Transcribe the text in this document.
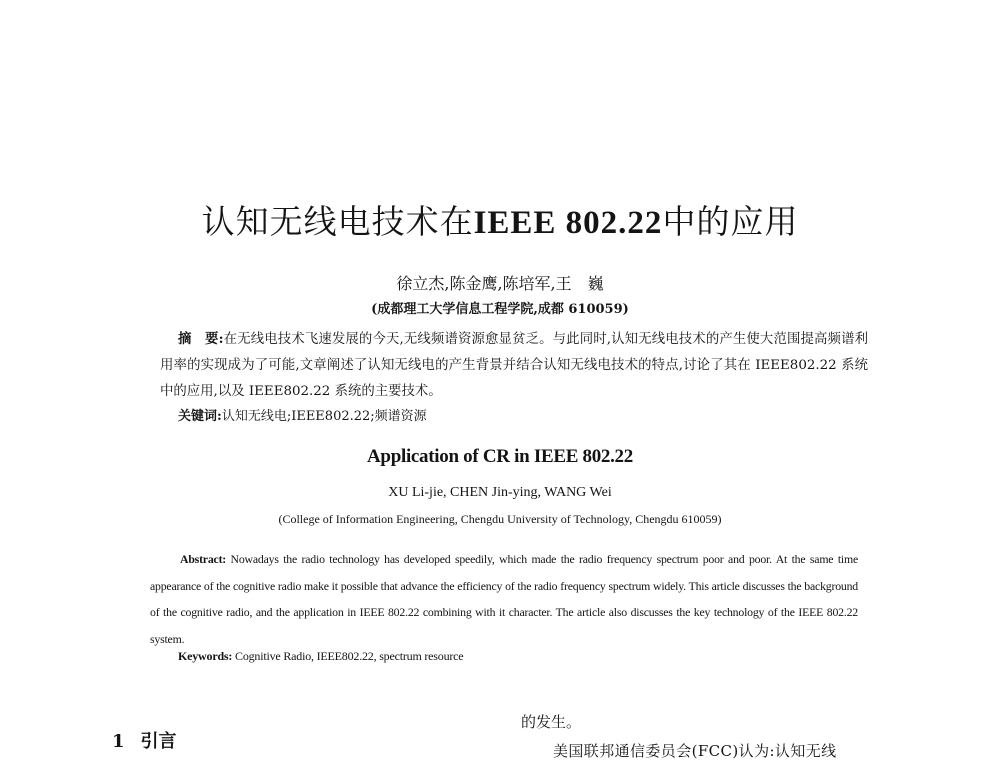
认知无线电技术在IEEE 802.22中的应用
徐立杰,陈金鹰,陈培军,王　巍
(成都理工大学信息工程学院,成都 610059)
摘　要:在无线电技术飞速发展的今天,无线频谱资源愈显贫乏。与此同时,认知无线电技术的产生使大范围提高频谱利用率的实现成为了可能,文章阐述了认知无线电的产生背景并结合认知无线电技术的特点,讨论了其在 IEEE802.22 系统中的应用,以及 IEEE802.22 系统的主要技术。
关键词:认知无线电;IEEE802.22;频谱资源
Application of CR in IEEE 802.22
XU Li-jie, CHEN Jin-ying, WANG Wei
(College of Information Engineering, Chengdu University of Technology, Chengdu 610059)
Abstract: Nowadays the radio technology has developed speedily, which made the radio frequency spectrum poor and poor. At the same time appearance of the cognitive radio make it possible that advance the efficiency of the radio frequency spectrum widely. This article discusses the background of the cognitive radio, and the application in IEEE 802.22 combining with it character. The article also discusses the key technology of the IEEE 802.22 system.
Keywords: Cognitive Radio, IEEE802.22, spectrum resource
1 引言
的发生。
美国联邦通信委员会(FCC)认为:认知无线
